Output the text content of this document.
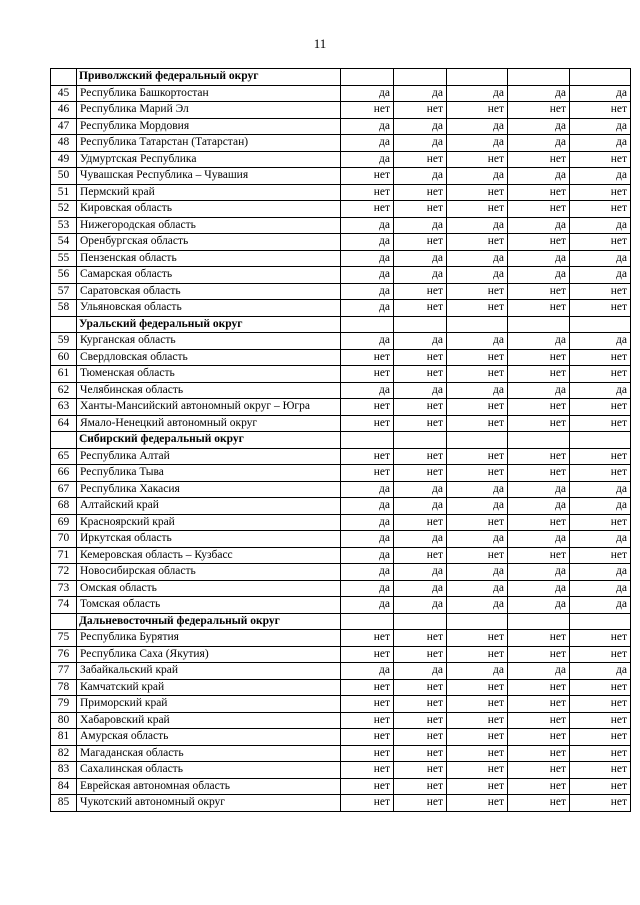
11
	Приволжский федеральный округ					
45	Республика Башкортостан	да	да	да	да	да
46	Республика Марий Эл	нет	нет	нет	нет	нет
47	Республика Мордовия	да	да	да	да	да
48	Республика Татарстан (Татарстан)	да	да	да	да	да
49	Удмуртская Республика	да	нет	нет	нет	нет
50	Чувашская Республика – Чувашия	нет	да	да	да	да
51	Пермский край	нет	нет	нет	нет	нет
52	Кировская область	нет	нет	нет	нет	нет
53	Нижегородская область	да	да	да	да	да
54	Оренбургская область	да	нет	нет	нет	нет
55	Пензенская область	да	да	да	да	да
56	Самарская область	да	да	да	да	да
57	Саратовская область	да	нет	нет	нет	нет
58	Ульяновская область	да	нет	нет	нет	нет
	Уральский федеральный округ					
59	Курганская область	да	да	да	да	да
60	Свердловская область	нет	нет	нет	нет	нет
61	Тюменская область	нет	нет	нет	нет	нет
62	Челябинская область	да	да	да	да	да
63	Ханты-Мансийский автономный округ – Югра	нет	нет	нет	нет	нет
64	Ямало-Ненецкий автономный округ	нет	нет	нет	нет	нет
	Сибирский федеральный округ					
65	Республика Алтай	нет	нет	нет	нет	нет
66	Республика Тыва	нет	нет	нет	нет	нет
67	Республика Хакасия	да	да	да	да	да
68	Алтайский край	да	да	да	да	да
69	Красноярский край	да	нет	нет	нет	нет
70	Иркутская область	да	да	да	да	да
71	Кемеровская область – Кузбасс	да	нет	нет	нет	нет
72	Новосибирская область	да	да	да	да	да
73	Омская область	да	да	да	да	да
74	Томская область	да	да	да	да	да
	Дальневосточный федеральный округ					
75	Республика Бурятия	нет	нет	нет	нет	нет
76	Республика Саха (Якутия)	нет	нет	нет	нет	нет
77	Забайкальский край	да	да	да	да	да
78	Камчатский край	нет	нет	нет	нет	нет
79	Приморский край	нет	нет	нет	нет	нет
80	Хабаровский край	нет	нет	нет	нет	нет
81	Амурская область	нет	нет	нет	нет	нет
82	Магаданская область	нет	нет	нет	нет	нет
83	Сахалинская область	нет	нет	нет	нет	нет
84	Еврейская автономная область	нет	нет	нет	нет	нет
85	Чукотский автономный округ	нет	нет	нет	нет	нет
